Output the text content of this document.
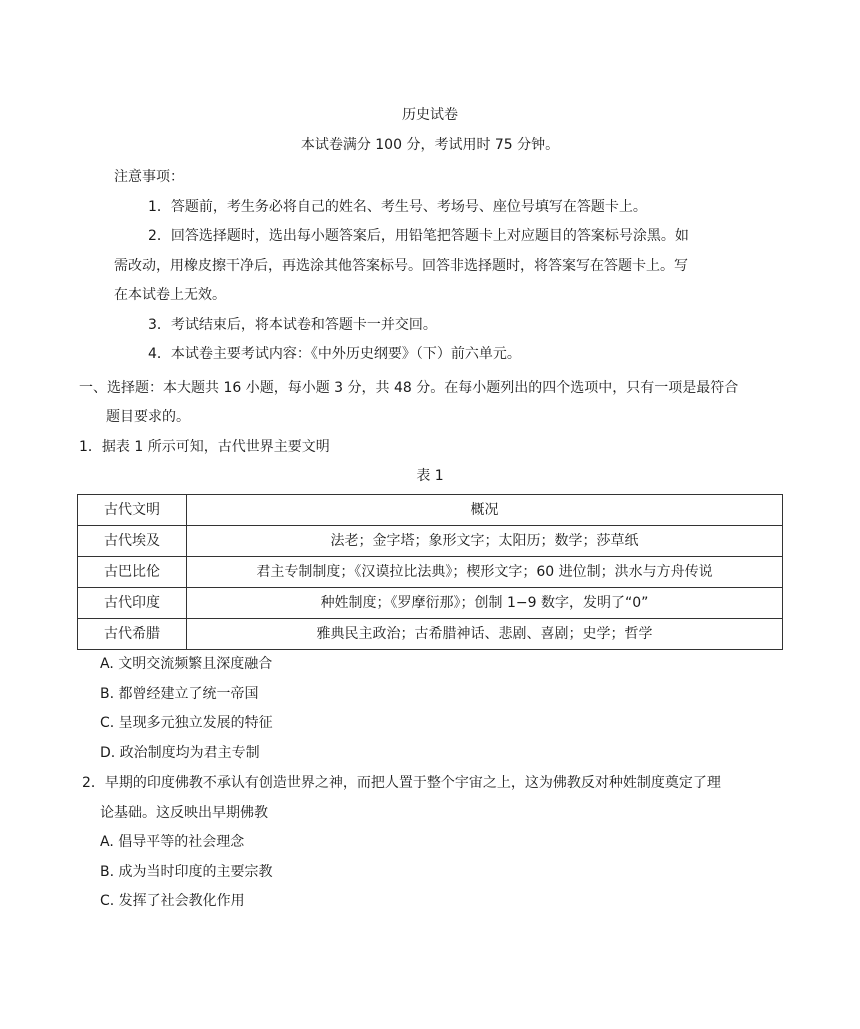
历史试卷
本试卷满分 100 分，考试用时 75 分钟。
注意事项：
1．答题前，考生务必将自己的姓名、考生号、考场号、座位号填写在答题卡上。
2．回答选择题时，选出每小题答案后，用铅笔把答题卡上对应题目的答案标号涂黑。如
需改动，用橡皮擦干净后，再选涂其他答案标号。回答非选择题时，将答案写在答题卡上。写
在本试卷上无效。
3．考试结束后，将本试卷和答题卡一并交回。
4．本试卷主要考试内容：《中外历史纲要》（下）前六单元。
一、选择题：本大题共 16 小题，每小题 3 分，共 48 分。在每小题列出的四个选项中，只有一项是最符合
题目要求的。
1．据表 1 所示可知，古代世界主要文明
表 1
古代文明	概况
古代埃及	法老；金字塔；象形文字；太阳历；数学；莎草纸
古巴比伦	君主专制制度；《汉谟拉比法典》；楔形文字；60 进位制；洪水与方舟传说
古代印度	种姓制度；《罗摩衍那》；创制 1−9 数字，发明了“0”
古代希腊	雅典民主政治；古希腊神话、悲剧、喜剧；史学；哲学
A. 文明交流频繁且深度融合
B. 都曾经建立了统一帝国
C. 呈现多元独立发展的特征
D. 政治制度均为君主专制
2．早期的印度佛教不承认有创造世界之神，而把人置于整个宇宙之上，这为佛教反对种姓制度奠定了理
论基础。这反映出早期佛教
A. 倡导平等的社会理念
B. 成为当时印度的主要宗教
C. 发挥了社会教化作用
